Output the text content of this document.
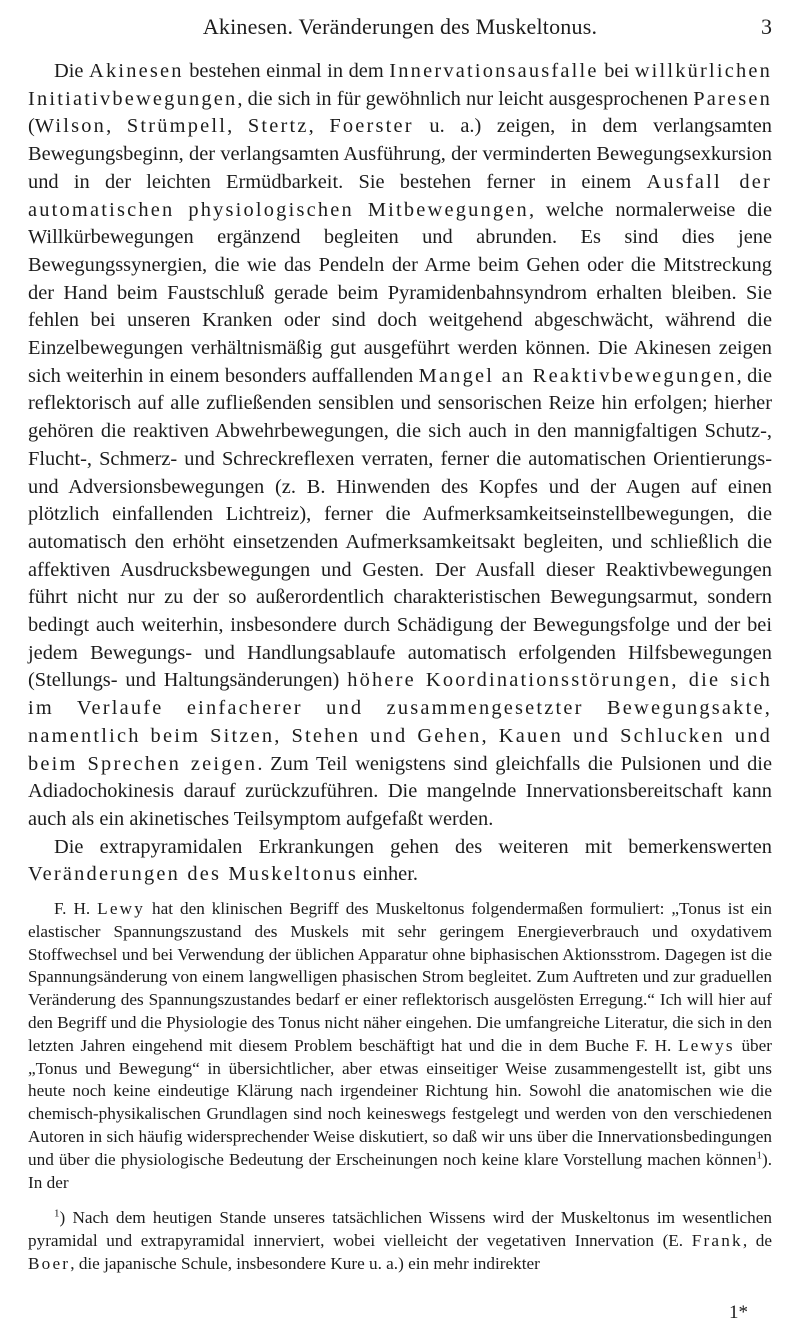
Akinesen. Veränderungen des Muskeltonus.	3

Die Akinesen bestehen einmal in dem Innervationsausfalle bei willkürlichen Initiativbewegungen, die sich in für gewöhnlich nur leicht ausgesprochenen Paresen (Wilson, Strümpell, Stertz, Foerster u. a.) zeigen, in dem verlangsamten Bewegungsbeginn, der verlangsamten Ausführung, der verminderten Bewegungsexkursion und in der leichten Ermüdbarkeit. Sie bestehen ferner in einem Ausfall der automatischen physiologischen Mitbewegungen, welche normalerweise die Willkürbewegungen ergänzend begleiten und abrunden. Es sind dies jene Bewegungssynergien, die wie das Pendeln der Arme beim Gehen oder die Mitstreckung der Hand beim Faustschluß gerade beim Pyramidenbahnsyndrom erhalten bleiben. Sie fehlen bei unseren Kranken oder sind doch weitgehend abgeschwächt, während die Einzelbewegungen verhältnismäßig gut ausgeführt werden können. Die Akinesen zeigen sich weiterhin in einem besonders auffallenden Mangel an Reaktivbewegungen, die reflektorisch auf alle zufließenden sensiblen und sensorischen Reize hin erfolgen; hierher gehören die reaktiven Abwehrbewegungen, die sich auch in den mannigfaltigen Schutz-, Flucht-, Schmerz- und Schreckreflexen verraten, ferner die automatischen Orientierungs- und Adversionsbewegungen (z. B. Hinwenden des Kopfes und der Augen auf einen plötzlich einfallenden Lichtreiz), ferner die Aufmerksamkeitseinstellbewegungen, die automatisch den erhöht einsetzenden Aufmerksamkeitsakt begleiten, und schließlich die affektiven Ausdrucksbewegungen und Gesten. Der Ausfall dieser Reaktivbewegungen führt nicht nur zu der so außerordentlich charakteristischen Bewegungsarmut, sondern bedingt auch weiterhin, insbesondere durch Schädigung der Bewegungsfolge und der bei jedem Bewegungs- und Handlungsablaufe automatisch erfolgenden Hilfsbewegungen (Stellungs- und Haltungsänderungen) höhere Koordinationsstörungen, die sich im Verlaufe einfacherer und zusammengesetzter Bewegungsakte, namentlich beim Sitzen, Stehen und Gehen, Kauen und Schlucken und beim Sprechen zeigen. Zum Teil wenigstens sind gleichfalls die Pulsionen und die Adiadochokinesis darauf zurückzuführen. Die mangelnde Innervationsbereitschaft kann auch als ein akinetisches Teilsymptom aufgefaßt werden.

Die extrapyramidalen Erkrankungen gehen des weiteren mit bemerkenswerten Veränderungen des Muskeltonus einher.

F. H. Lewy hat den klinischen Begriff des Muskeltonus folgendermaßen formuliert: „Tonus ist ein elastischer Spannungszustand des Muskels mit sehr geringem Energieverbrauch und oxydativem Stoffwechsel und bei Verwendung der üblichen Apparatur ohne biphasischen Aktionsstrom. Dagegen ist die Spannungsänderung von einem langwelligen phasischen Strom begleitet. Zum Auftreten und zur graduellen Veränderung des Spannungszustandes bedarf er einer reflektorisch ausgelösten Erregung.“ Ich will hier auf den Begriff und die Physiologie des Tonus nicht näher eingehen. Die umfangreiche Literatur, die sich in den letzten Jahren eingehend mit diesem Problem beschäftigt hat und die in dem Buche F. H. Lewys über „Tonus und Bewegung“ in übersichtlicher, aber etwas einseitiger Weise zusammengestellt ist, gibt uns heute noch keine eindeutige Klärung nach irgendeiner Richtung hin. Sowohl die anatomischen wie die chemisch-physikalischen Grundlagen sind noch keineswegs festgelegt und werden von den verschiedenen Autoren in sich häufig widersprechender Weise diskutiert, so daß wir uns über die Innervationsbedingungen und über die physiologische Bedeutung der Erscheinungen noch keine klare Vorstellung machen können$^1$). In der

$^1$) Nach dem heutigen Stande unseres tatsächlichen Wissens wird der Muskeltonus im wesentlichen pyramidal und extrapyramidal innerviert, wobei vielleicht der vegetativen Innervation (E. Frank, de Boer, die japanische Schule, insbesondere Kure u. a.) ein mehr indirekter

1*
